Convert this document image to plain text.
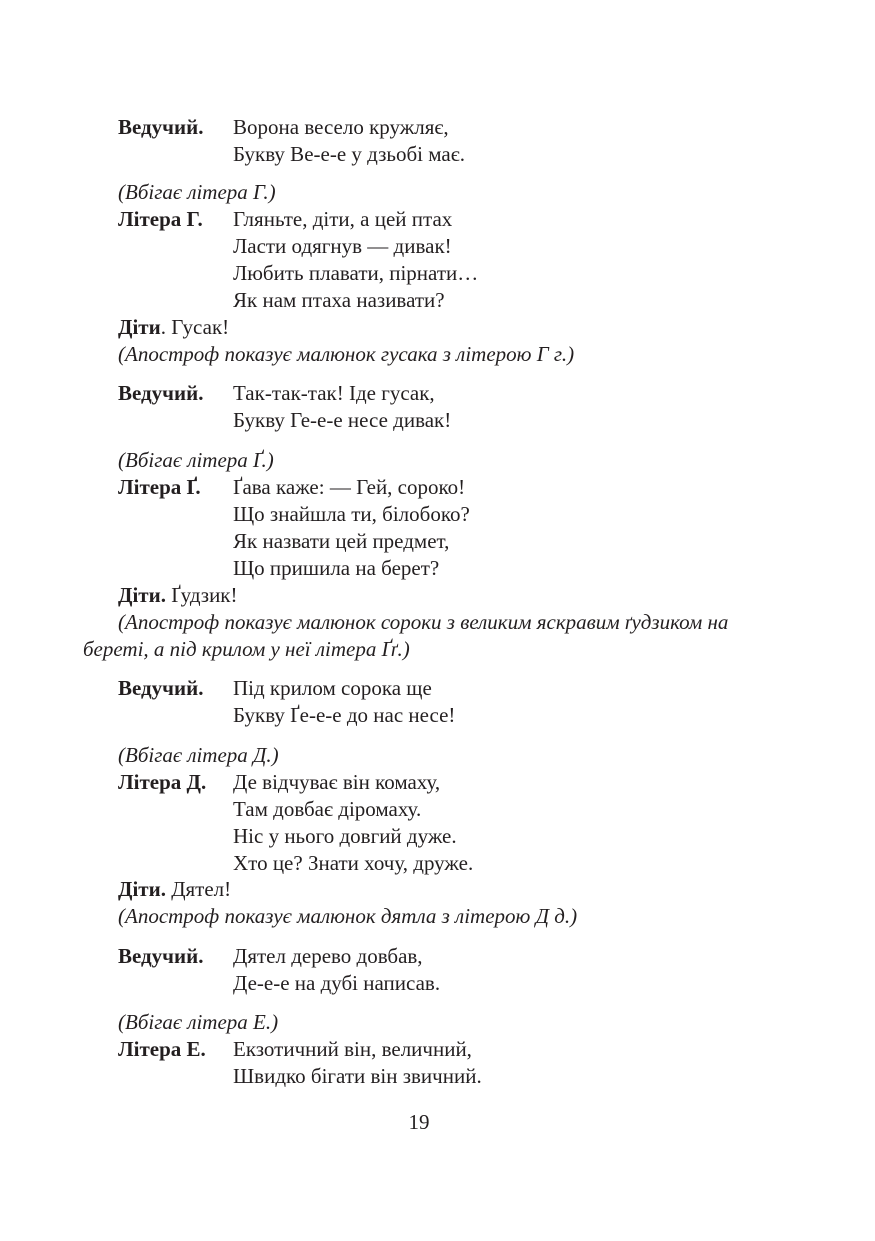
Ведучий. Ворона весело кружляє,
Букву Ве-е-е у дзьобі має.
(Вбігає літера Г.)
Літера Г. Гляньте, діти, а цей птах
Ласти одягнув — дивак!
Любить плавати, пірнати…
Як нам птаха називати?
Діти. Гусак!
(Апостроф показує малюнок гусака з літерою Г г.)
Ведучий. Так-так-так! Іде гусак,
Букву Ге-е-е несе дивак!
(Вбігає літера Ґ.)
Літера Ґ. Ґава каже: — Гей, сороко!
Що знайшла ти, білобоко?
Як назвати цей предмет,
Що пришила на берет?
Діти. Ґудзик!
(Апостроф показує малюнок сороки з великим яскравим ґудзиком на
береті, а під крилом у неї літера Ґґ.)
Ведучий. Під крилом сорока ще
Букву Ґе-е-е до нас несе!
(Вбігає літера Д.)
Літера Д. Де відчуває він комаху,
Там довбає діромаху.
Ніс у нього довгий дуже.
Хто це? Знати хочу, друже.
Діти. Дятел!
(Апостроф показує малюнок дятла з літерою Д д.)
Ведучий. Дятел дерево довбав,
Де-е-е на дубі написав.
(Вбігає літера Е.)
Літера Е. Екзотичний він, величний,
Швидко бігати він звичний.
19
